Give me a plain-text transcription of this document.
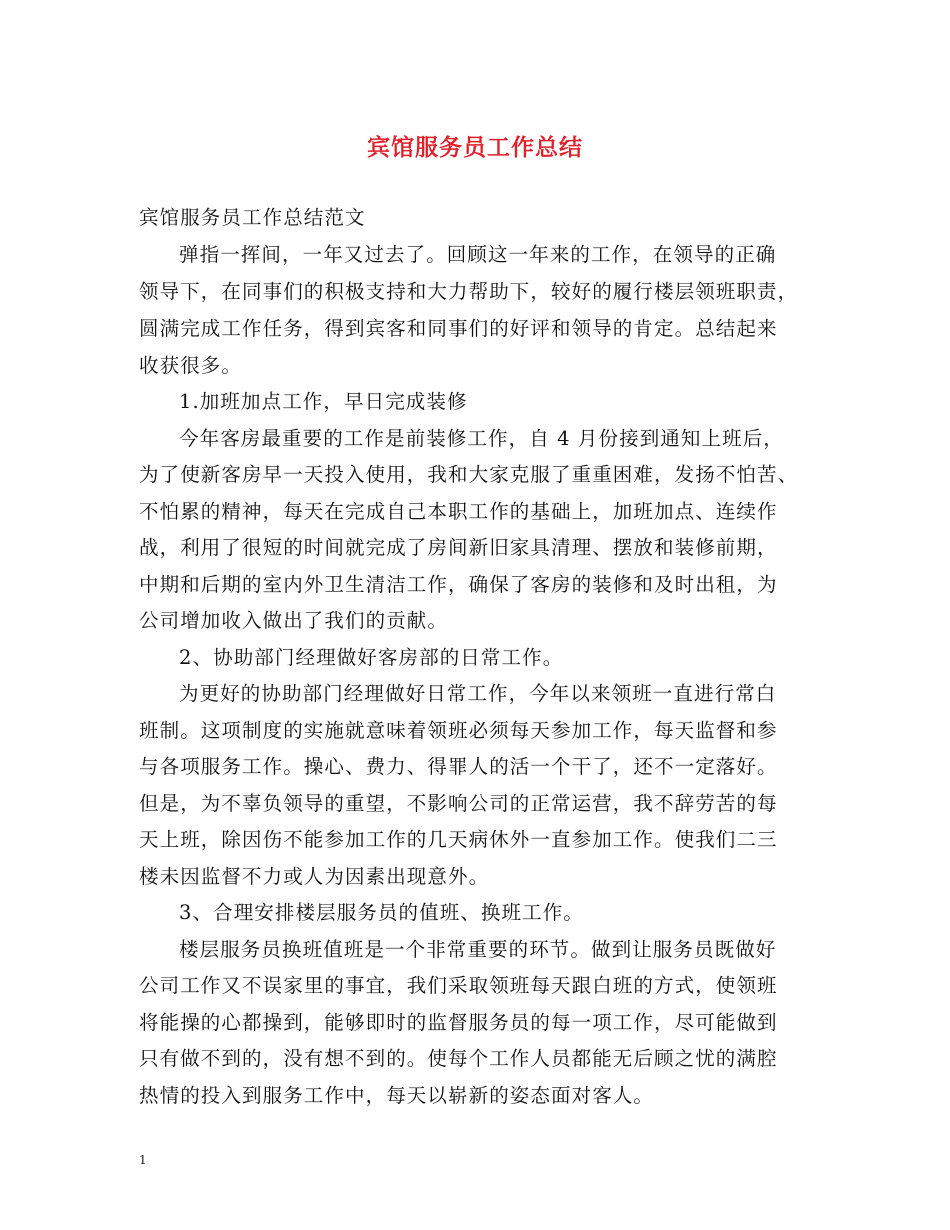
宾馆服务员工作总结
宾馆服务员工作总结范文
弹指一挥间，一年又过去了。回顾这一年来的工作，在领导的正确
领导下，在同事们的积极支持和大力帮助下，较好的履行楼层领班职责，
圆满完成工作任务，得到宾客和同事们的好评和领导的肯定。总结起来
收获很多。
1.加班加点工作，早日完成装修
今年客房最重要的工作是前装修工作，自 4 月份接到通知上班后，
为了使新客房早一天投入使用，我和大家克服了重重困难，发扬不怕苦、
不怕累的精神，每天在完成自己本职工作的基础上，加班加点、连续作
战，利用了很短的时间就完成了房间新旧家具清理、摆放和装修前期，
中期和后期的室内外卫生清洁工作，确保了客房的装修和及时出租，为
公司增加收入做出了我们的贡献。
2、协助部门经理做好客房部的日常工作。
为更好的协助部门经理做好日常工作，今年以来领班一直进行常白
班制。这项制度的实施就意味着领班必须每天参加工作，每天监督和参
与各项服务工作。操心、费力、得罪人的活一个干了，还不一定落好。
但是，为不辜负领导的重望，不影响公司的正常运营，我不辞劳苦的每
天上班，除因伤不能参加工作的几天病休外一直参加工作。使我们二三
楼未因监督不力或人为因素出现意外。
3、合理安排楼层服务员的值班、换班工作。
楼层服务员换班值班是一个非常重要的环节。做到让服务员既做好
公司工作又不误家里的事宜，我们采取领班每天跟白班的方式，使领班
将能操的心都操到，能够即时的监督服务员的每一项工作，尽可能做到
只有做不到的，没有想不到的。使每个工作人员都能无后顾之忧的满腔
热情的投入到服务工作中，每天以崭新的姿态面对客人。
1
